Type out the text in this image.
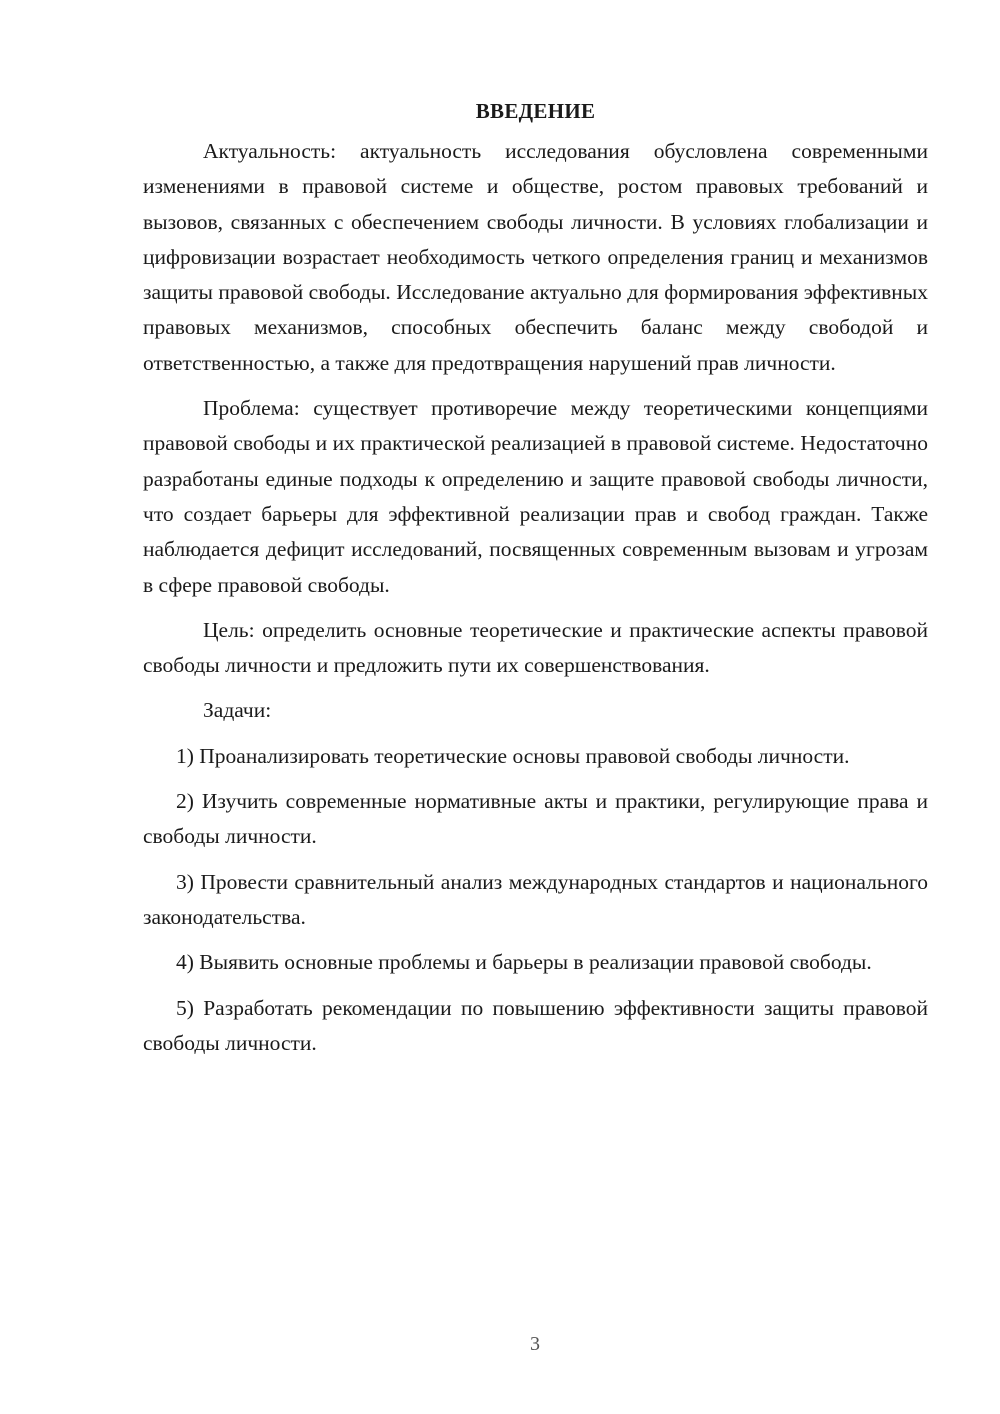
ВВЕДЕНИЕ

Актуальность: актуальность исследования обусловлена современными изменениями в правовой системе и обществе, ростом правовых требований и вызовов, связанных с обеспечением свободы личности. В условиях глобализации и цифровизации возрастает необходимость четкого определения границ и механизмов защиты правовой свободы. Исследование актуально для формирования эффективных правовых механизмов, способных обеспечить баланс между свободой и ответственностью, а также для предотвращения нарушений прав личности.

Проблема: существует противоречие между теоретическими концепциями правовой свободы и их практической реализацией в правовой системе. Недостаточно разработаны единые подходы к определению и защите правовой свободы личности, что создает барьеры для эффективной реализации прав и свобод граждан. Также наблюдается дефицит исследований, посвященных современным вызовам и угрозам в сфере правовой свободы.

Цель: определить основные теоретические и практические аспекты правовой свободы личности и предложить пути их совершенствования.

Задачи:

1) Проанализировать теоретические основы правовой свободы личности.

2) Изучить современные нормативные акты и практики, регулирующие права и свободы личности.

3) Провести сравнительный анализ международных стандартов и национального законодательства.

4) Выявить основные проблемы и барьеры в реализации правовой свободы.

5) Разработать рекомендации по повышению эффективности защиты правовой свободы личности.

3
